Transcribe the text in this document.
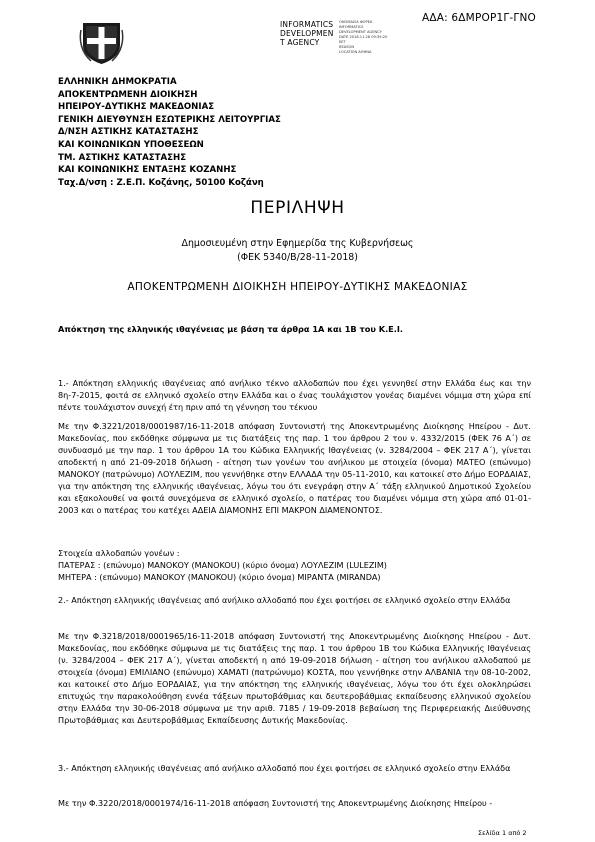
ΑΔΑ: 6ΔΜΡΟΡ1Γ-ΓΝΟ
INFORMATICS
DEVELOPMEN
T AGENCY
ΟΝΟΜΑΣΙΑ ΦΟΡΕΑ
INFORMATICS
DEVELOPMENT AGENCY
DATE 2018.11.28 09:39:20
EET
REASON
LOCATION ΑΘΗΝΑ
ΕΛΛΗΝΙΚΗ ΔΗΜΟΚΡΑΤΙΑ
ΑΠΟΚΕΝΤΡΩΜΕΝΗ ΔΙΟΙΚΗΣΗ
ΗΠΕΙΡΟΥ-ΔΥΤΙΚΗΣ ΜΑΚΕΔΟΝΙΑΣ
ΓΕΝΙΚΗ ΔΙΕΥΘΥΝΣΗ ΕΣΩΤΕΡΙΚΗΣ ΛΕΙΤΟΥΡΓΙΑΣ
Δ/ΝΣΗ ΑΣΤΙΚΗΣ ΚΑΤΑΣΤΑΣΗΣ
ΚΑΙ ΚΟΙΝΩΝΙΚΩΝ ΥΠΟΘΕΣΕΩΝ
ΤΜ. ΑΣΤΙΚΗΣ ΚΑΤΑΣΤΑΣΗΣ
ΚΑΙ ΚΟΙΝΩΝΙΚΗΣ ΕΝΤΑΞΗΣ ΚΟΖΑΝΗΣ
Ταχ.Δ/νση : Ζ.Ε.Π. Κοζάνης, 50100 Κοζάνη
ΠΕΡΙΛΗΨΗ
Δημοσιευμένη στην Εφημερίδα της Κυβερνήσεως
(ΦΕΚ 5340/Β/28-11-2018)
ΑΠΟΚΕΝΤΡΩΜΕΝΗ ΔΙΟΙΚΗΣΗ ΗΠΕΙΡΟΥ-ΔΥΤΙΚΗΣ ΜΑΚΕΔΟΝΙΑΣ
Απόκτηση της ελληνικής ιθαγένειας με βάση τα άρθρα 1Α και 1Β του Κ.Ε.Ι.
1.- Απόκτηση ελληνικής ιθαγένειας από ανήλικο τέκνο αλλοδαπών που έχει γεννηθεί στην Ελλάδα έως και την 8η-7-2015, φοιτά σε ελληνικό σχολείο στην Ελλάδα και ο ένας τουλάχιστον γονέας διαμένει νόμιμα στη χώρα επί πέντε τουλάχιστον συνεχή έτη πριν από τη γέννηση του τέκνου
Με την Φ.3221/2018/0001987/16-11-2018 απόφαση Συντονιστή της Αποκεντρωμένης Διοίκησης Ηπείρου - Δυτ. Μακεδονίας, που εκδόθηκε σύμφωνα με τις διατάξεις της παρ. 1 του άρθρου 2 του ν. 4332/2015 (ΦΕΚ 76 Α΄) σε συνδυασμό με την παρ. 1 του άρθρου 1Α του Κώδικα Ελληνικής Ιθαγένειας (ν. 3284/2004 – ΦΕΚ 217 Α΄), γίνεται αποδεκτή η από 21-09-2018 δήλωση - αίτηση των γονέων του ανήλικου με στοιχεία (όνομα) ΜΑΤΕΟ (επώνυμο) ΜΑΝΟΚΟΥ (πατρώνυμο) ΛΟΥΛΕΖΙΜ, που γεννήθηκε στην ΕΛΛΑΔΑ την 05-11-2010, και κατοικεί στο Δήμο ΕΟΡΔΑΙΑΣ, για την απόκτηση της ελληνικής ιθαγένειας, λόγω του ότι ενεγράφη στην Α΄ τάξη ελληνικού Δημοτικού Σχολείου και εξακολουθεί να φοιτά συνεχόμενα σε ελληνικό σχολείο, ο πατέρας του διαμένει νόμιμα στη χώρα από 01-01-2003 και ο πατέρας του κατέχει ΑΔΕΙΑ ΔΙΑΜΟΝΗΣ ΕΠΙ ΜΑΚΡΟΝ ΔΙΑΜΕΝΟΝΤΟΣ.
Στοιχεία αλλοδαπών γονέων :
ΠΑΤΕΡΑΣ : (επώνυμο) ΜΑΝΟΚΟΥ (MANOKOU) (κύριο όνομα) ΛΟΥΛΕΖΙΜ (LULEZIM)
ΜΗΤΕΡΑ : (επώνυμο) ΜΑΝΟΚΟΥ (MANOKOU) (κύριο όνομα) ΜΙΡΑΝΤΑ (MIRANDA)
2.- Απόκτηση ελληνικής ιθαγένειας από ανήλικο αλλοδαπό που έχει φοιτήσει σε ελληνικό σχολείο στην Ελλάδα
Με την Φ.3218/2018/0001965/16-11-2018 απόφαση Συντονιστή της Αποκεντρωμένης Διοίκησης Ηπείρου - Δυτ. Μακεδονίας, που εκδόθηκε σύμφωνα με τις διατάξεις της παρ. 1 του άρθρου 1Β του Κώδικα Ελληνικής Ιθαγένειας (ν. 3284/2004 – ΦΕΚ 217 Α΄), γίνεται αποδεκτή η από 19-09-2018 δήλωση - αίτηση του ανήλικου αλλοδαπού με στοιχεία (όνομα) ΕΜΙΛΙΑΝΟ (επώνυμο) ΧΑΜΑΤΙ (πατρώνυμο) ΚΟΣΤΑ, που γεννήθηκε στην ΑΛΒΑΝΙΑ την 08-10-2002, και κατοικεί στο Δήμο ΕΟΡΔΑΙΑΣ, για την απόκτηση της ελληνικής ιθαγένειας, λόγω του ότι έχει ολοκληρώσει επιτυχώς την παρακολούθηση εννέα τάξεων πρωτοβάθμιας και δευτεροβάθμιας εκπαίδευσης ελληνικού σχολείου στην Ελλάδα την 30-06-2018 σύμφωνα με την αριθ. 7185 / 19-09-2018 βεβαίωση της Περιφερειακής Διεύθυνσης Πρωτοβάθμιας και Δευτεροβάθμιας Εκπαίδευσης Δυτικής Μακεδονίας.
3.- Απόκτηση ελληνικής ιθαγένειας από ανήλικο αλλοδαπό που έχει φοιτήσει σε ελληνικό σχολείο στην Ελλάδα
Με την Φ.3220/2018/0001974/16-11-2018 απόφαση Συντονιστή της Αποκεντρωμένης Διοίκησης Ηπείρου -
Σελίδα 1 από 2
